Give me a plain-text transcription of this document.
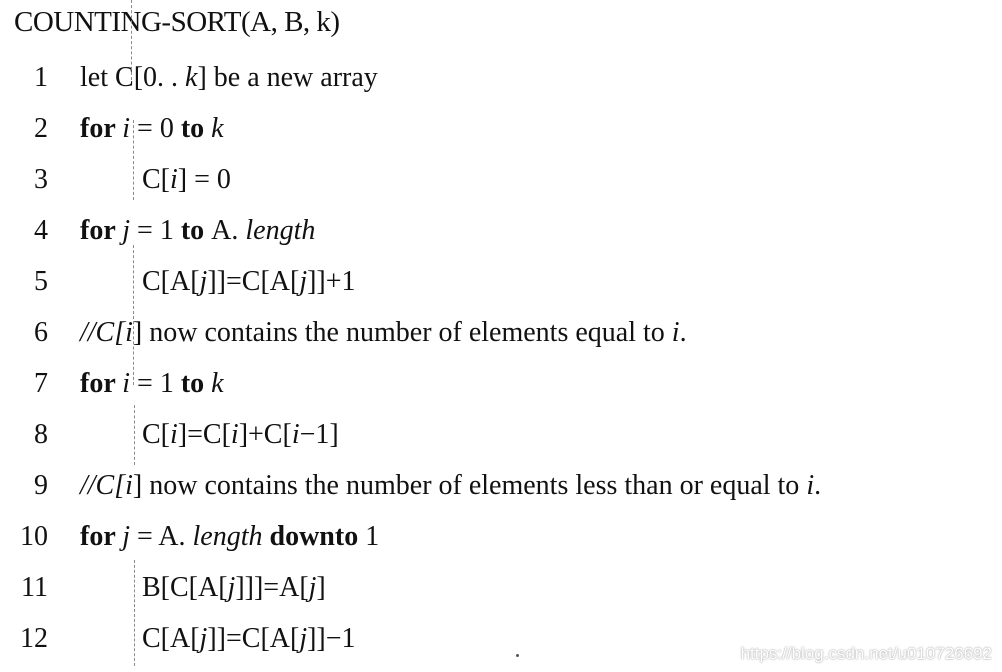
COUNTING-SORT(A, B, k)
1 let C[0. . k] be a new array
2 for i = 0 to k
3	C[i] = 0
4 for j = 1 to A. length
5	C[A[j]]=C[A[j]]+1
6 //C[i] now contains the number of elements equal to i.
7 for i = 1 to k
8	C[i]=C[i]+C[i−1]
9 //C[i] now contains the number of elements less than or equal to i.
10 for j = A. length downto 1
11	B[C[A[j]]]=A[j]
12	C[A[j]]=C[A[j]]−1	https://blog.csdn.net/u010726692
